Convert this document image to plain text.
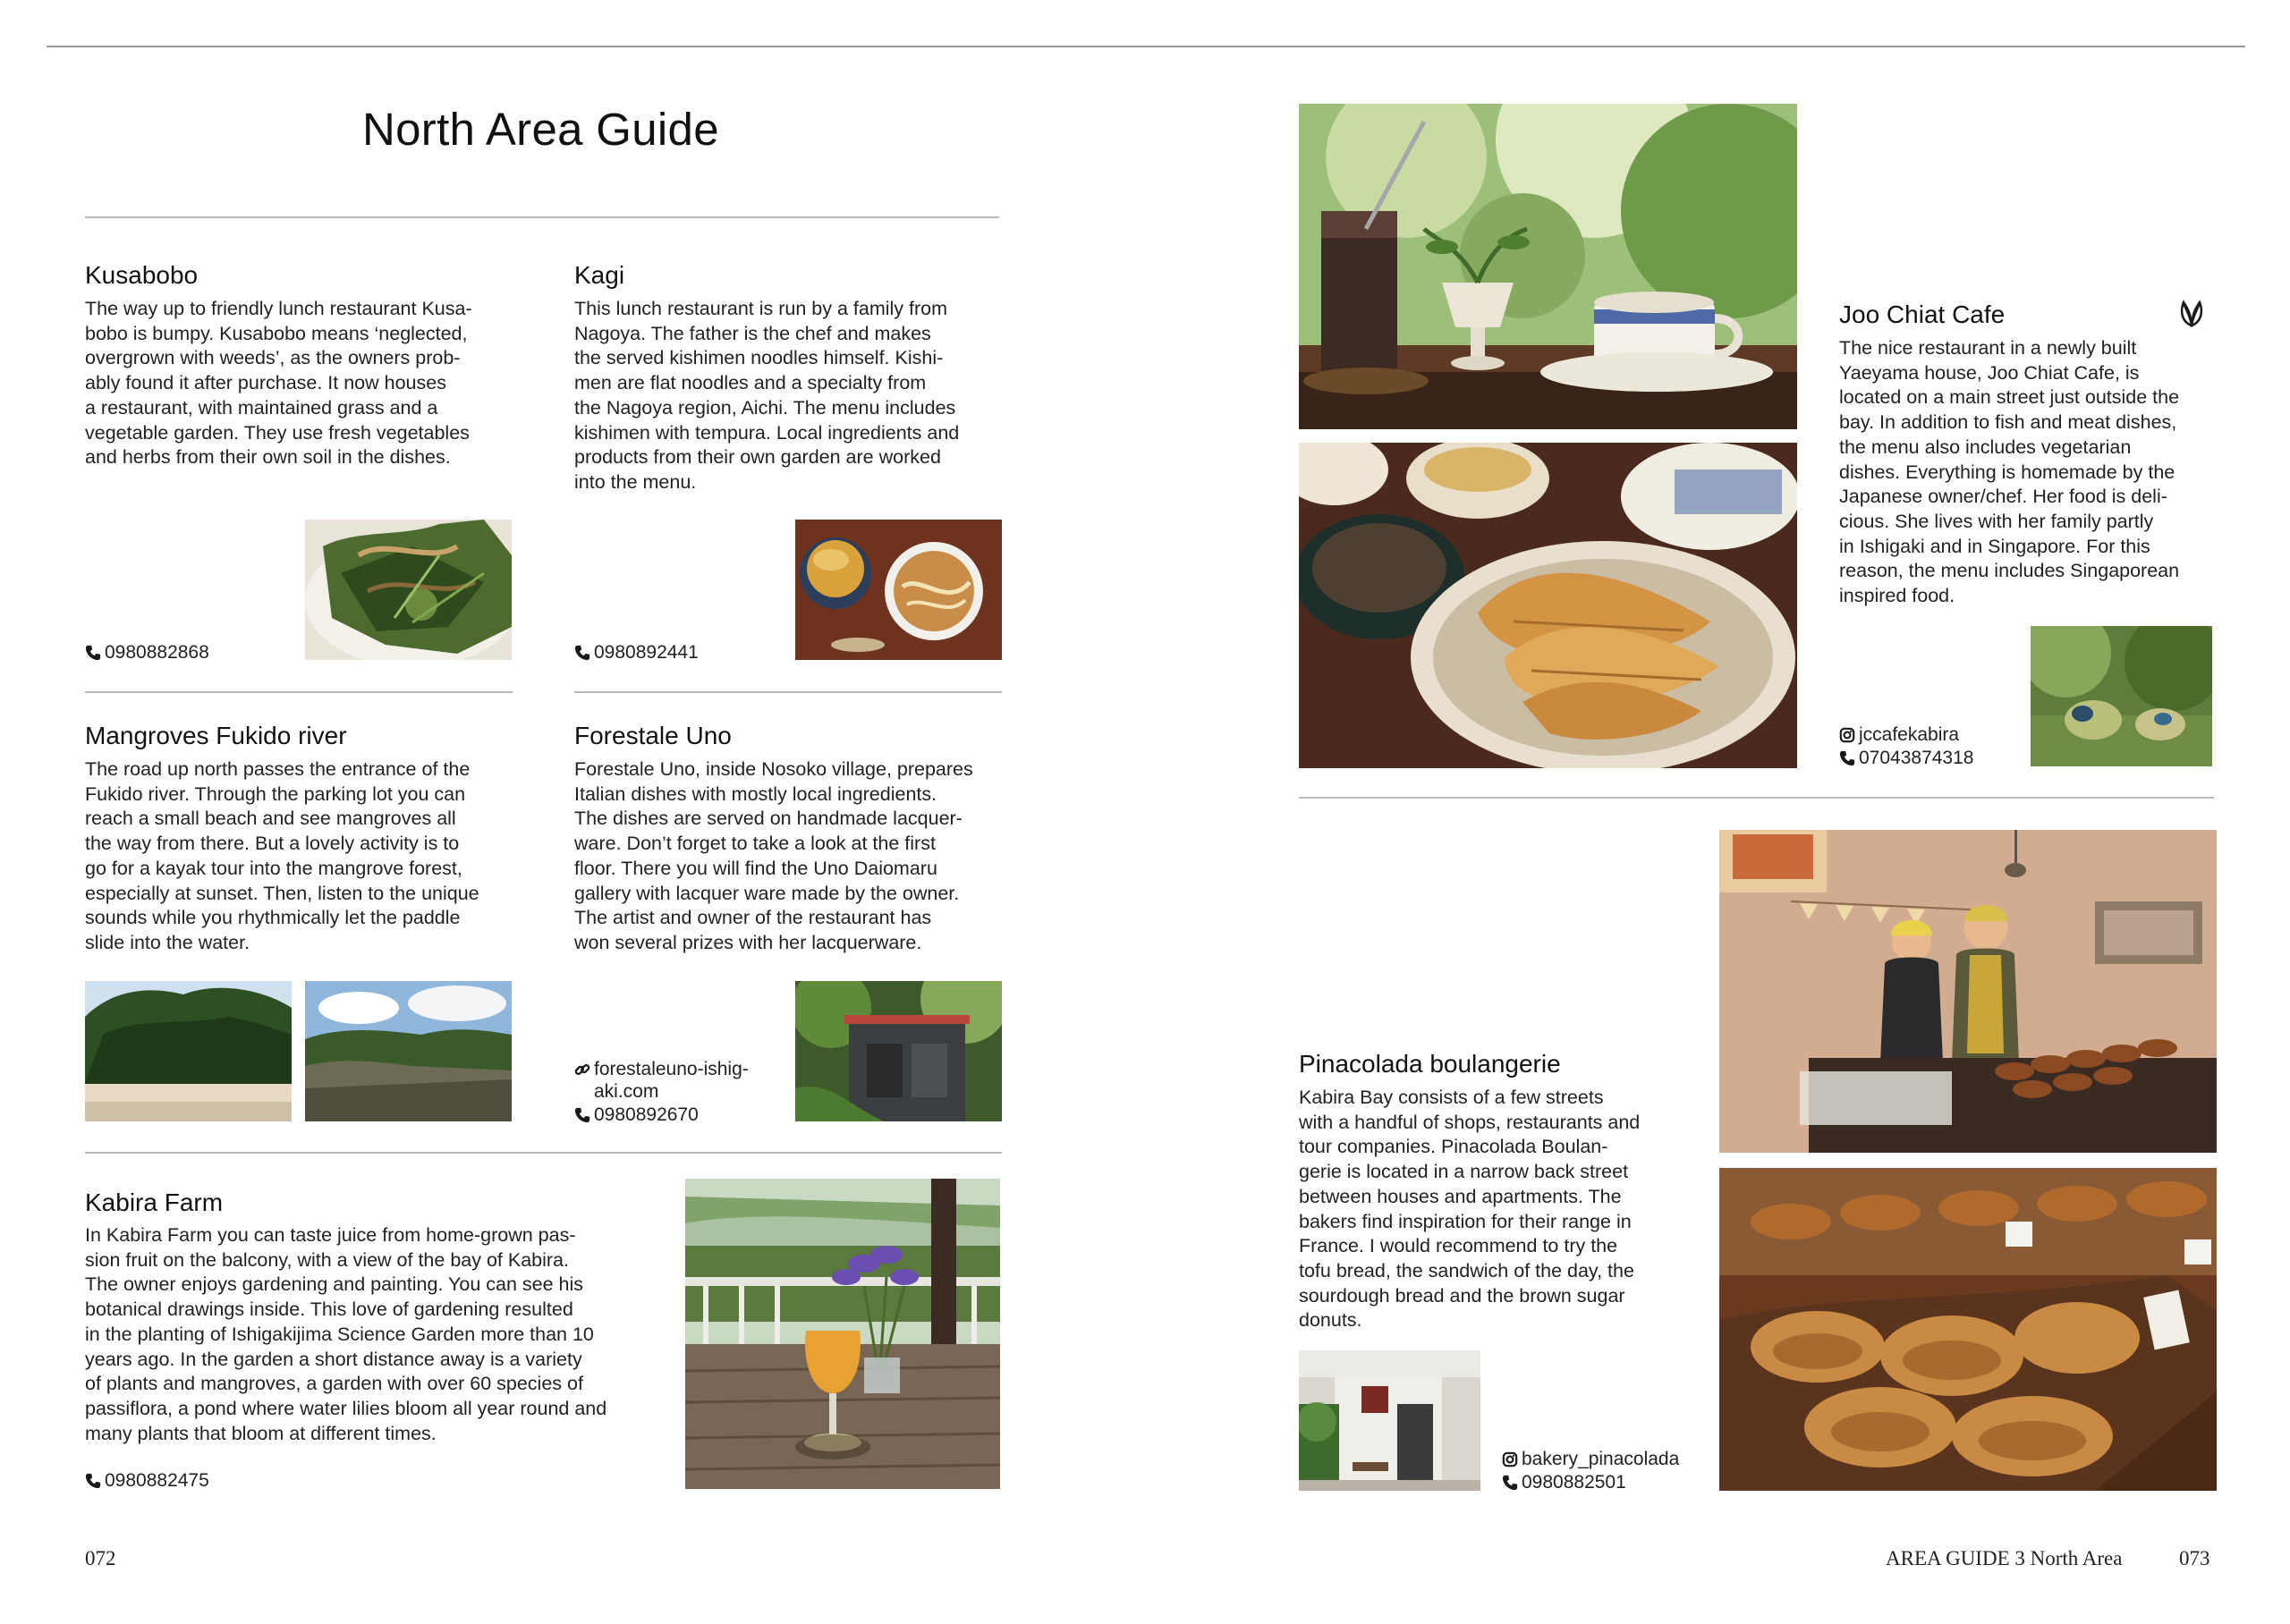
North Area Guide
Kusabobo
The way up to friendly lunch restaurant Kusa-
bobo is bumpy. Kusabobo means ‘neglected,
overgrown with weeds’, as the owners prob-
ably found it after purchase. It now houses
a restaurant, with maintained grass and a
vegetable garden. They use fresh vegetables
and herbs from their own soil in the dishes.
0980882868
Kagi
This lunch restaurant is run by a family from
Nagoya. The father is the chef and makes
the served kishimen noodles himself. Kishi-
men are flat noodles and a specialty from
the Nagoya region, Aichi. The menu includes
kishimen with tempura. Local ingredients and
products from their own garden are worked
into the menu.
0980892441
Mangroves Fukido river
The road up north passes the entrance of the
Fukido river. Through the parking lot you can
reach a small beach and see mangroves all
the way from there. But a lovely activity is to
go for a kayak tour into the mangrove forest,
especially at sunset. Then, listen to the unique
sounds while you rhythmically let the paddle
slide into the water.
Forestale Uno
Forestale Uno, inside Nosoko village, prepares
Italian dishes with mostly local ingredients.
The dishes are served on handmade lacquer-
ware. Don’t forget to take a look at the first
floor. There you will find the Uno Daiomaru
gallery with lacquer ware made by the owner.
The artist and owner of the restaurant has
won several prizes with her lacquerware.
forestaleuno-ishig-
aki.com
0980892670
Kabira Farm
In Kabira Farm you can taste juice from home-grown pas-
sion fruit on the balcony, with a view of the bay of Kabira.
The owner enjoys gardening and painting. You can see his
botanical drawings inside. This love of gardening resulted
in the planting of Ishigakijima Science Garden more than 10
years ago. In the garden a short distance away is a variety
of plants and mangroves, a garden with over 60 species of
passiflora, a pond where water lilies bloom all year round and
many plants that bloom at different times.
0980882475
072
Joo Chiat Cafe
The nice restaurant in a newly built
Yaeyama house, Joo Chiat Cafe, is
located on a main street just outside the
bay. In addition to fish and meat dishes,
the menu also includes vegetarian
dishes. Everything is homemade by the
Japanese owner/chef. Her food is deli-
cious. She lives with her family partly
in Ishigaki and in Singapore. For this
reason, the menu includes Singaporean
inspired food.
jccafekabira
07043874318
Pinacolada boulangerie
Kabira Bay consists of a few streets
with a handful of shops, restaurants and
tour companies. Pinacolada Boulan-
gerie is located in a narrow back street
between houses and apartments. The
bakers find inspiration for their range in
France. I would recommend to try the
tofu bread, the sandwich of the day, the
sourdough bread and the brown sugar
donuts.
bakery_pinacolada
0980882501
AREA GUIDE 3 North Area	073
